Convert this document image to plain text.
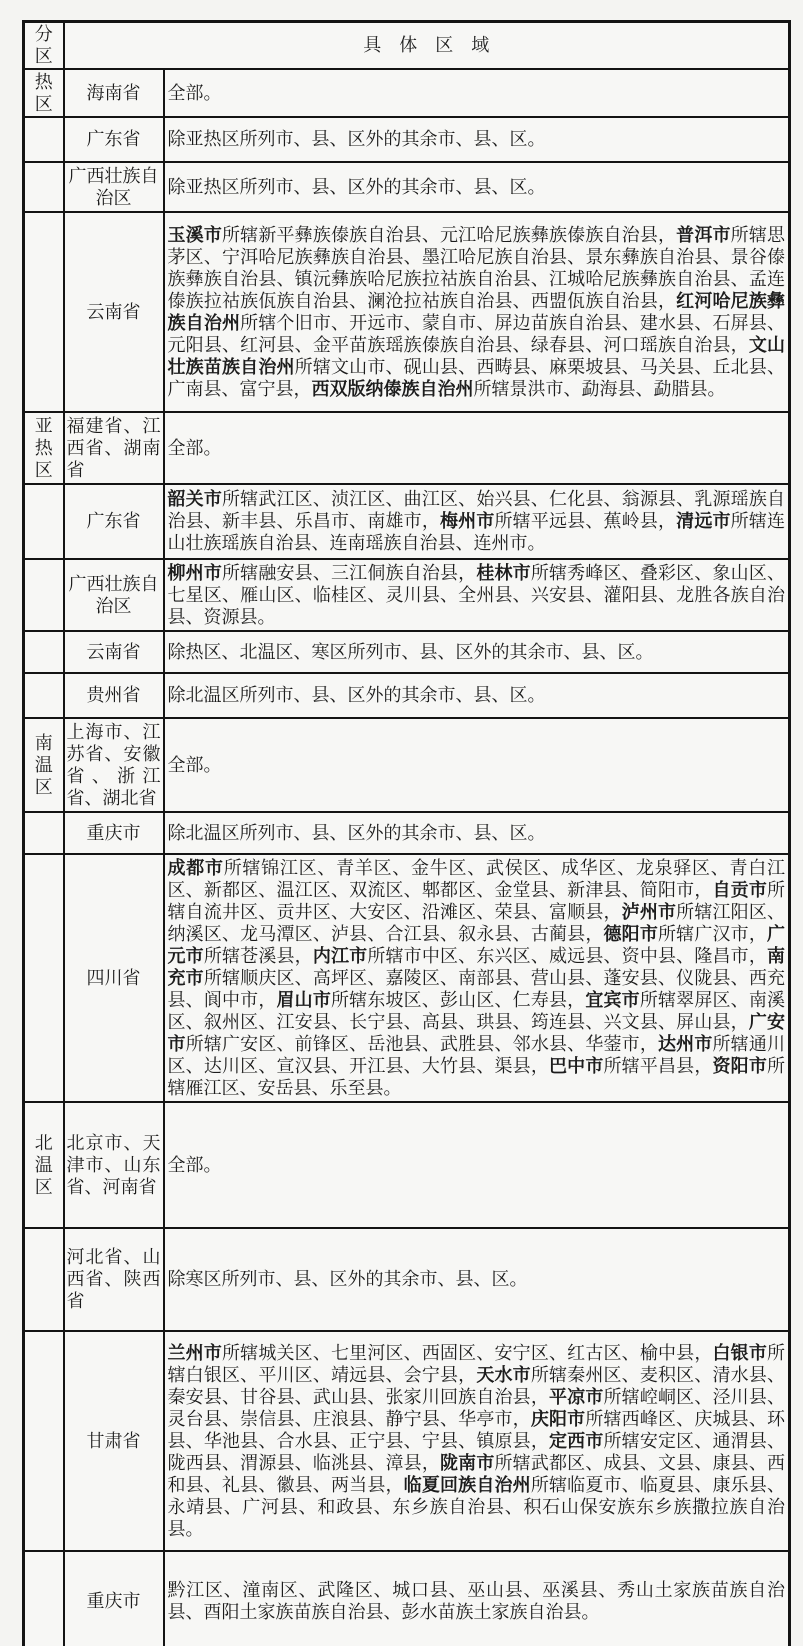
分区	具体区域	
热区	海南省	全部。
	广东省	除亚热区所列市、县、区外的其余市、县、区。
	广西壮族自治区	除亚热区所列市、县、区外的其余市、县、区。
	云南省	玉溪市所辖新平彝族傣族自治县、元江哈尼族彝族傣族自治县，普洱市所辖思茅区、宁洱哈尼族彝族自治县、墨江哈尼族自治县、景东彝族自治县、景谷傣族彝族自治县、镇沅彝族哈尼族拉祜族自治县、江城哈尼族彝族自治县、孟连傣族拉祜族佤族自治县、澜沧拉祜族自治县、西盟佤族自治县，红河哈尼族彝族自治州所辖个旧市、开远市、蒙自市、屏边苗族自治县、建水县、石屏县、元阳县、红河县、金平苗族瑶族傣族自治县、绿春县、河口瑶族自治县，文山壮族苗族自治州所辖文山市、砚山县、西畴县、麻栗坡县、马关县、丘北县、广南县、富宁县，西双版纳傣族自治州所辖景洪市、勐海县、勐腊县。
亚热区	福建省、江西省、湖南省	全部。
	广东省	韶关市所辖武江区、浈江区、曲江区、始兴县、仁化县、翁源县、乳源瑶族自治县、新丰县、乐昌市、南雄市，梅州市所辖平远县、蕉岭县，清远市所辖连山壮族瑶族自治县、连南瑶族自治县、连州市。
	广西壮族自治区	柳州市所辖融安县、三江侗族自治县，桂林市所辖秀峰区、叠彩区、象山区、七星区、雁山区、临桂区、灵川县、全州县、兴安县、灌阳县、龙胜各族自治县、资源县。
	云南省	除热区、北温区、寒区所列市、县、区外的其余市、县、区。
	贵州省	除北温区所列市、县、区外的其余市、县、区。
南温区	上海市、江苏省、安徽省、浙江省、湖北省	全部。
	重庆市	除北温区所列市、县、区外的其余市、县、区。
	四川省	成都市所辖锦江区、青羊区、金牛区、武侯区、成华区、龙泉驿区、青白江区、新都区、温江区、双流区、郫都区、金堂县、新津县、简阳市，自贡市所辖自流井区、贡井区、大安区、沿滩区、荣县、富顺县，泸州市所辖江阳区、纳溪区、龙马潭区、泸县、合江县、叙永县、古蔺县，德阳市所辖广汉市，广元市所辖苍溪县，内江市所辖市中区、东兴区、威远县、资中县、隆昌市，南充市所辖顺庆区、高坪区、嘉陵区、南部县、营山县、蓬安县、仪陇县、西充县、阆中市，眉山市所辖东坡区、彭山区、仁寿县，宜宾市所辖翠屏区、南溪区、叙州区、江安县、长宁县、高县、珙县、筠连县、兴文县、屏山县，广安市所辖广安区、前锋区、岳池县、武胜县、邻水县、华蓥市，达州市所辖通川区、达川区、宣汉县、开江县、大竹县、渠县，巴中市所辖平昌县，资阳市所辖雁江区、安岳县、乐至县。
北温区	北京市、天津市、山东省、河南省	全部。
	河北省、山西省、陕西省	除寒区所列市、县、区外的其余市、县、区。
	甘肃省	兰州市所辖城关区、七里河区、西固区、安宁区、红古区、榆中县，白银市所辖白银区、平川区、靖远县、会宁县，天水市所辖秦州区、麦积区、清水县、秦安县、甘谷县、武山县、张家川回族自治县，平凉市所辖崆峒区、泾川县、灵台县、崇信县、庄浪县、静宁县、华亭市，庆阳市所辖西峰区、庆城县、环县、华池县、合水县、正宁县、宁县、镇原县，定西市所辖安定区、通渭县、陇西县、渭源县、临洮县、漳县，陇南市所辖武都区、成县、文县、康县、西和县、礼县、徽县、两当县，临夏回族自治州所辖临夏市、临夏县、康乐县、永靖县、广河县、和政县、东乡族自治县、积石山保安族东乡族撒拉族自治县。
	重庆市	黔江区、潼南区、武隆区、城口县、巫山县、巫溪县、秀山土家族苗族自治县、酉阳土家族苗族自治县、彭水苗族土家族自治县。
